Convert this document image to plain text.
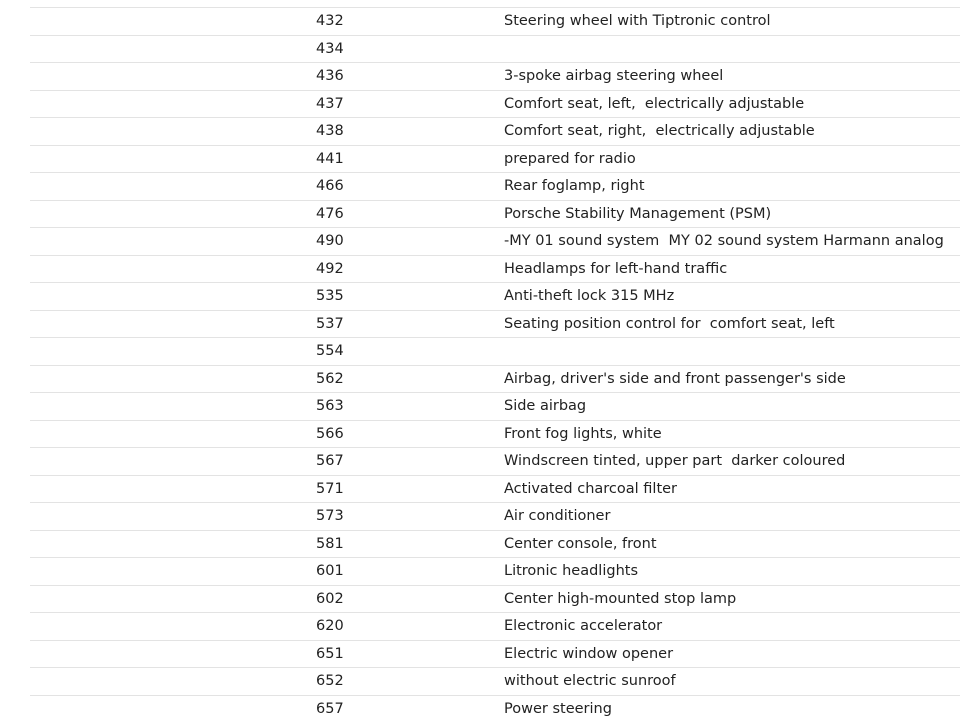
432	Steering wheel with Tiptronic control
434
436	3-spoke airbag steering wheel
437	Comfort seat, left,  electrically adjustable
438	Comfort seat, right,  electrically adjustable
441	prepared for radio
466	Rear foglamp, right
476	Porsche Stability Management (PSM)
490	-MY 01 sound system  MY 02 sound system Harmann analog
492	Headlamps for left-hand traffic
535	Anti-theft lock 315 MHz
537	Seating position control for  comfort seat, left
554
562	Airbag, driver's side and front passenger's side
563	Side airbag
566	Front fog lights, white
567	Windscreen tinted, upper part  darker coloured
571	Activated charcoal filter
573	Air conditioner
581	Center console, front
601	Litronic headlights
602	Center high-mounted stop lamp
620	Electronic accelerator
651	Electric window opener
652	without electric sunroof
657	Power steering
